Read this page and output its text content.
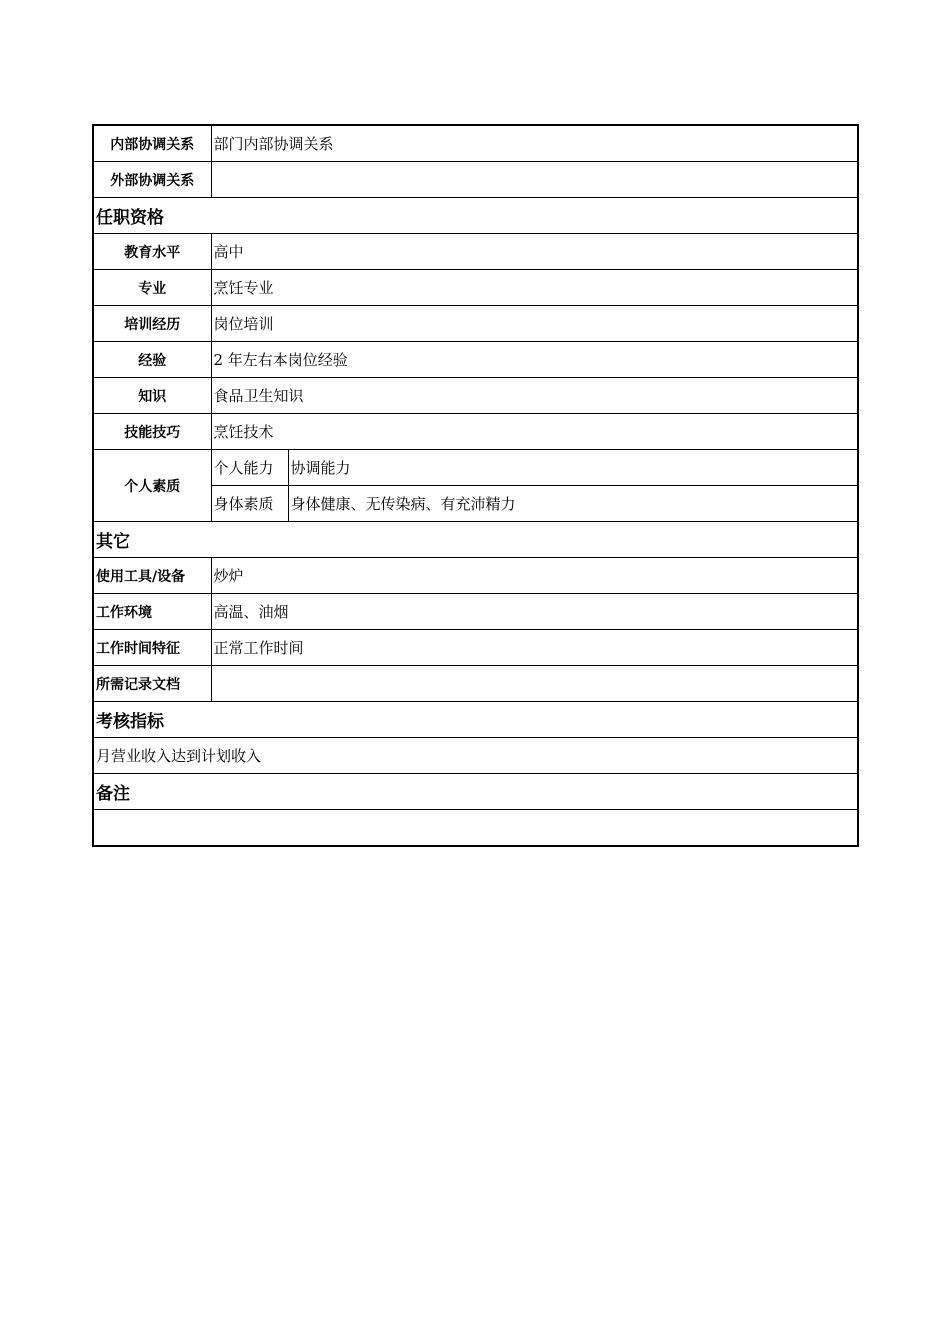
内部协调关系	部门内部协调关系	
外部协调关系		
任职资格		
教育水平	高中	
专业	烹饪专业	
培训经历	岗位培训	
经验	2 年左右本岗位经验	
知识	食品卫生知识	
技能技巧	烹饪技术	
个人素质	个人能力	协调能力
	身体素质	身体健康、无传染病、有充沛精力
其它		
使用工具/设备	炒炉	
工作环境	高温、油烟	
工作时间特征	正常工作时间	
所需记录文档		
考核指标		
月营业收入达到计划收入		
备注		
